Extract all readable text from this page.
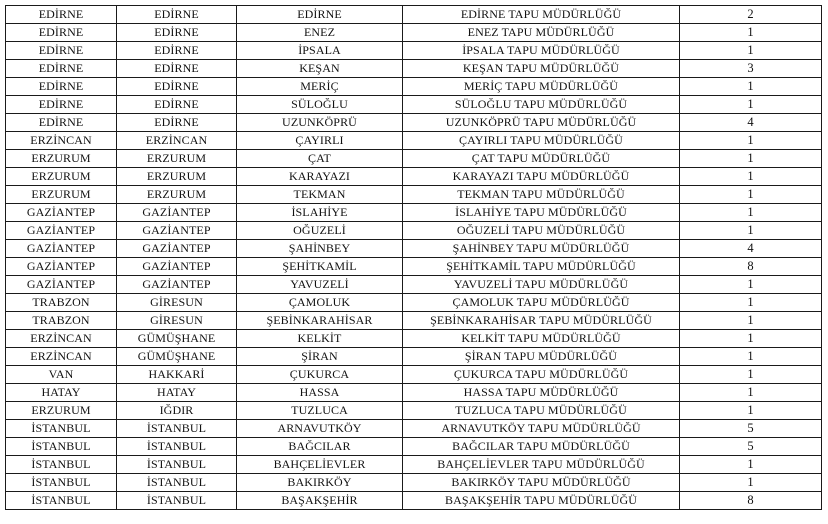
EDİRNE	EDİRNE	EDİRNE	EDİRNE TAPU MÜDÜRLÜĞÜ	2
EDİRNE	EDİRNE	ENEZ	ENEZ TAPU MÜDÜRLÜĞÜ	1
EDİRNE	EDİRNE	İPSALA	İPSALA TAPU MÜDÜRLÜĞÜ	1
EDİRNE	EDİRNE	KEŞAN	KEŞAN TAPU MÜDÜRLÜĞÜ	3
EDİRNE	EDİRNE	MERİÇ	MERİÇ TAPU MÜDÜRLÜĞÜ	1
EDİRNE	EDİRNE	SÜLOĞLU	SÜLOĞLU TAPU MÜDÜRLÜĞÜ	1
EDİRNE	EDİRNE	UZUNKÖPRÜ	UZUNKÖPRÜ TAPU MÜDÜRLÜĞÜ	4
ERZİNCAN	ERZİNCAN	ÇAYIRLI	ÇAYIRLI TAPU MÜDÜRLÜĞÜ	1
ERZURUM	ERZURUM	ÇAT	ÇAT TAPU MÜDÜRLÜĞÜ	1
ERZURUM	ERZURUM	KARAYAZI	KARAYAZI TAPU MÜDÜRLÜĞÜ	1
ERZURUM	ERZURUM	TEKMAN	TEKMAN TAPU MÜDÜRLÜĞÜ	1
GAZİANTEP	GAZİANTEP	İSLAHİYE	İSLAHİYE TAPU MÜDÜRLÜĞÜ	1
GAZİANTEP	GAZİANTEP	OĞUZELİ	OĞUZELİ TAPU MÜDÜRLÜĞÜ	1
GAZİANTEP	GAZİANTEP	ŞAHİNBEY	ŞAHİNBEY TAPU MÜDÜRLÜĞÜ	4
GAZİANTEP	GAZİANTEP	ŞEHİTKAMİL	ŞEHİTKAMİL TAPU MÜDÜRLÜĞÜ	8
GAZİANTEP	GAZİANTEP	YAVUZELİ	YAVUZELİ TAPU MÜDÜRLÜĞÜ	1
TRABZON	GİRESUN	ÇAMOLUK	ÇAMOLUK TAPU MÜDÜRLÜĞÜ	1
TRABZON	GİRESUN	ŞEBİNKARAHİSAR	ŞEBİNKARAHİSAR TAPU MÜDÜRLÜĞÜ	1
ERZİNCAN	GÜMÜŞHANE	KELKİT	KELKİT TAPU MÜDÜRLÜĞÜ	1
ERZİNCAN	GÜMÜŞHANE	ŞİRAN	ŞİRAN TAPU MÜDÜRLÜĞÜ	1
VAN	HAKKARİ	ÇUKURCA	ÇUKURCA TAPU MÜDÜRLÜĞÜ	1
HATAY	HATAY	HASSA	HASSA TAPU MÜDÜRLÜĞÜ	1
ERZURUM	IĞDIR	TUZLUCA	TUZLUCA TAPU MÜDÜRLÜĞÜ	1
İSTANBUL	İSTANBUL	ARNAVUTKÖY	ARNAVUTKÖY TAPU MÜDÜRLÜĞÜ	5
İSTANBUL	İSTANBUL	BAĞCILAR	BAĞCILAR TAPU MÜDÜRLÜĞÜ	5
İSTANBUL	İSTANBUL	BAHÇELİEVLER	BAHÇELİEVLER TAPU MÜDÜRLÜĞÜ	1
İSTANBUL	İSTANBUL	BAKIRKÖY	BAKIRKÖY TAPU MÜDÜRLÜĞÜ	1
İSTANBUL	İSTANBUL	BAŞAKŞEHİR	BAŞAKŞEHİR TAPU MÜDÜRLÜĞÜ	8
